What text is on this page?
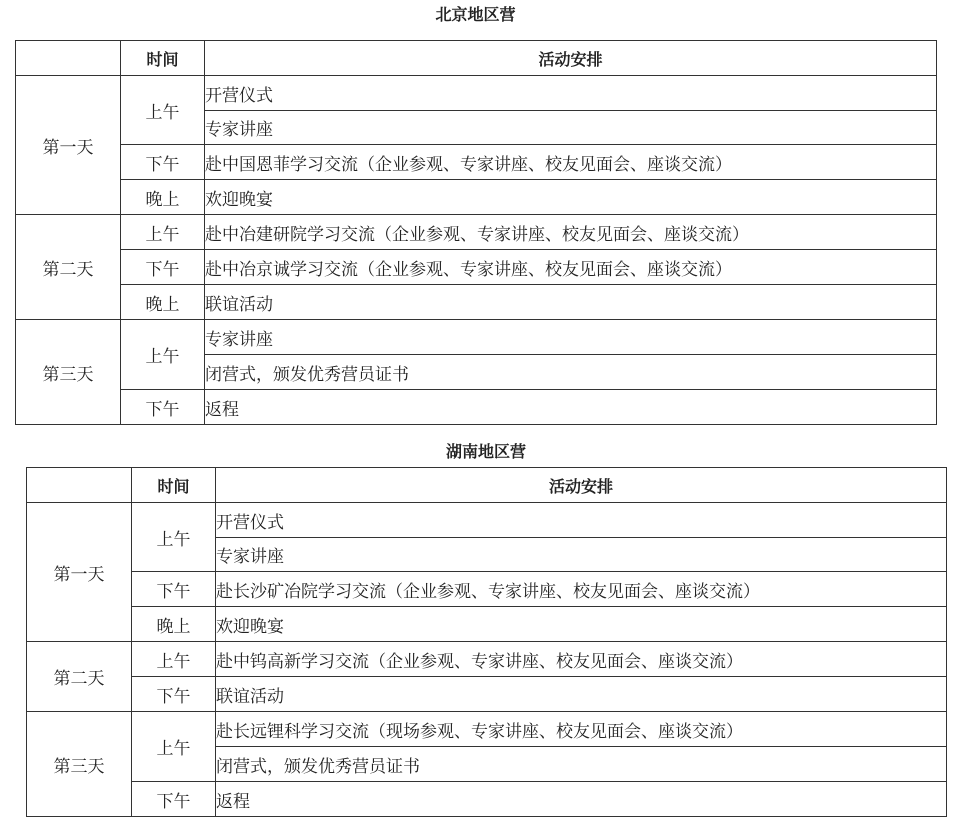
北京地区营
	时间	活动安排
第一天	上午	开营仪式
		专家讲座
	下午	赴中国恩菲学习交流（企业参观、专家讲座、校友见面会、座谈交流）
	晚上	欢迎晚宴
第二天	上午	赴中冶建研院学习交流（企业参观、专家讲座、校友见面会、座谈交流）
	下午	赴中冶京诚学习交流（企业参观、专家讲座、校友见面会、座谈交流）
	晚上	联谊活动
第三天	上午	专家讲座
		闭营式，颁发优秀营员证书
	下午	返程
湖南地区营
	时间	活动安排
第一天	上午	开营仪式
		专家讲座
	下午	赴长沙矿冶院学习交流（企业参观、专家讲座、校友见面会、座谈交流）
	晚上	欢迎晚宴
第二天	上午	赴中钨高新学习交流（企业参观、专家讲座、校友见面会、座谈交流）
	下午	联谊活动
第三天	上午	赴长远锂科学习交流（现场参观、专家讲座、校友见面会、座谈交流）
		闭营式，颁发优秀营员证书
	下午	返程
